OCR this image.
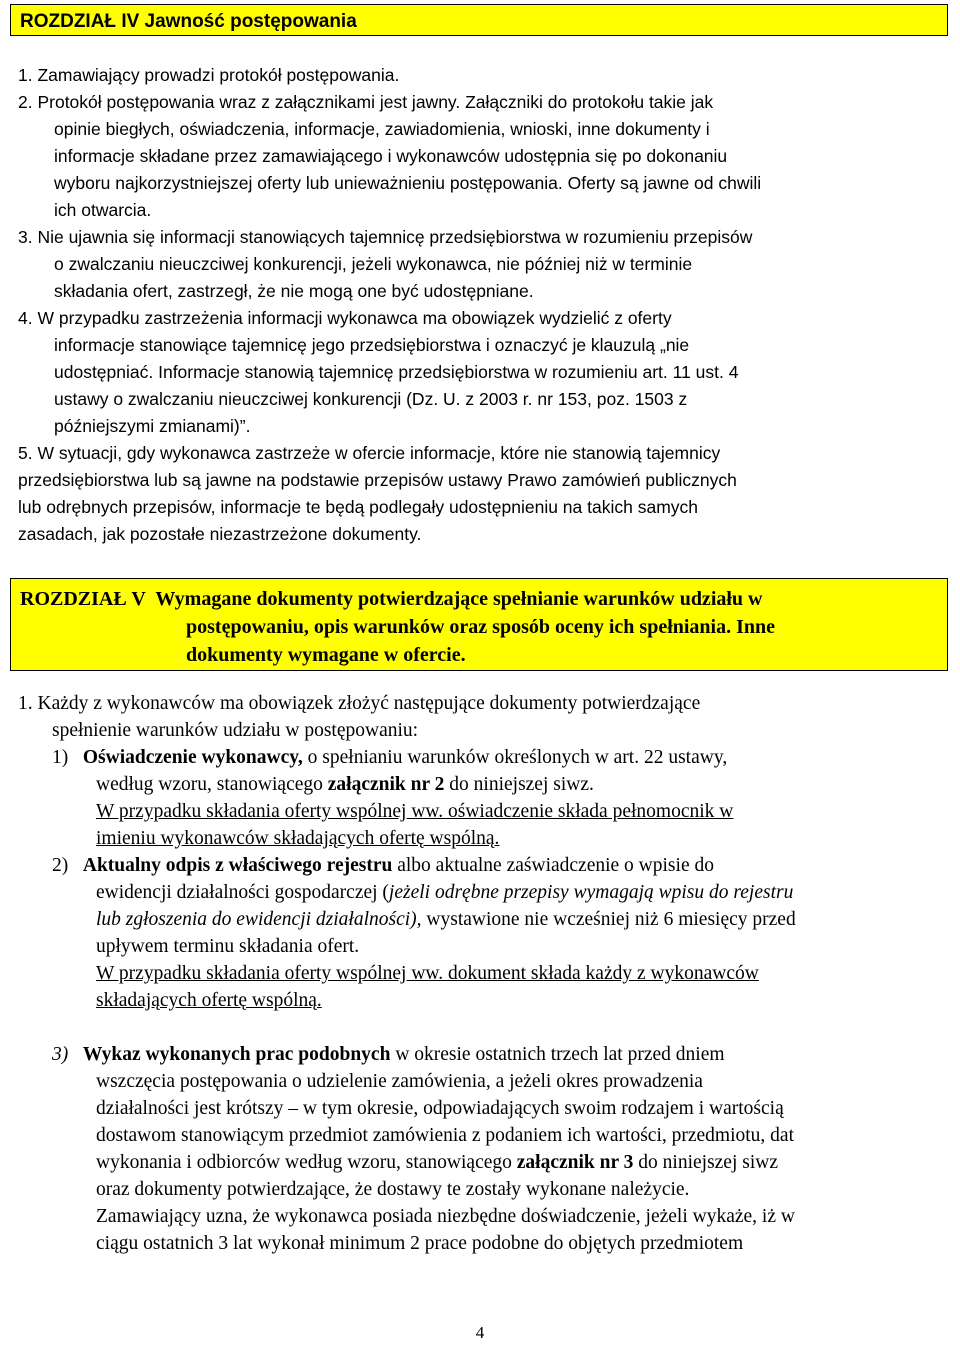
ROZDZIAŁ IV Jawność postępowania
1. Zamawiający prowadzi protokół postępowania.
2. Protokół postępowania wraz z załącznikami jest jawny. Załączniki do protokołu takie jak
opinie biegłych, oświadczenia, informacje, zawiadomienia, wnioski, inne dokumenty i
informacje składane przez zamawiającego i wykonawców udostępnia się po dokonaniu
wyboru najkorzystniejszej oferty lub unieważnieniu postępowania. Oferty są jawne od chwili
ich otwarcia.
3. Nie ujawnia się informacji stanowiących tajemnicę przedsiębiorstwa w rozumieniu przepisów
o zwalczaniu nieuczciwej konkurencji, jeżeli wykonawca, nie później niż w terminie
składania ofert, zastrzegł, że nie mogą one być udostępniane.
4. W przypadku zastrzeżenia informacji wykonawca ma obowiązek wydzielić z oferty
informacje stanowiące tajemnicę jego przedsiębiorstwa i oznaczyć je klauzulą „nie
udostępniać. Informacje stanowią tajemnicę przedsiębiorstwa w rozumieniu art. 11 ust. 4
ustawy o zwalczaniu nieuczciwej konkurencji (Dz. U. z 2003 r. nr 153, poz. 1503 z
późniejszymi zmianami)”.
5. W sytuacji, gdy wykonawca zastrzeże w ofercie informacje, które nie stanowią tajemnicy
przedsiębiorstwa lub są jawne na podstawie przepisów ustawy Prawo zamówień publicznych
lub odrębnych przepisów, informacje te będą podlegały udostępnieniu na takich samych
zasadach, jak pozostałe niezastrzeżone dokumenty.
ROZDZIAŁ V Wymagane dokumenty potwierdzające spełnianie warunków udziału w
postępowaniu, opis warunków oraz sposób oceny ich spełniania. Inne
dokumenty wymagane w ofercie.
1. Każdy z wykonawców ma obowiązek złożyć następujące dokumenty potwierdzające
spełnienie warunków udziału w postępowaniu:
1) Oświadczenie wykonawcy, o spełnianiu warunków określonych w art. 22 ustawy,
według wzoru, stanowiącego załącznik nr 2 do niniejszej siwz.
W przypadku składania oferty wspólnej ww. oświadczenie składa pełnomocnik w
imieniu wykonawców składających ofertę wspólną.
2) Aktualny odpis z właściwego rejestru albo aktualne zaświadczenie o wpisie do
ewidencji działalności gospodarczej (jeżeli odrębne przepisy wymagają wpisu do rejestru
lub zgłoszenia do ewidencji działalności), wystawione nie wcześniej niż 6 miesięcy przed
upływem terminu składania ofert.
W przypadku składania oferty wspólnej ww. dokument składa każdy z wykonawców
składających ofertę wspólną.
3) Wykaz wykonanych prac podobnych w okresie ostatnich trzech lat przed dniem
wszczęcia postępowania o udzielenie zamówienia, a jeżeli okres prowadzenia
działalności jest krótszy – w tym okresie, odpowiadających swoim rodzajem i wartością
dostawom stanowiącym przedmiot zamówienia z podaniem ich wartości, przedmiotu, dat
wykonania i odbiorców według wzoru, stanowiącego załącznik nr 3 do niniejszej siwz
oraz dokumenty potwierdzające, że dostawy te zostały wykonane należycie.
Zamawiający uzna, że wykonawca posiada niezbędne doświadczenie, jeżeli wykaże, iż w
ciągu ostatnich 3 lat wykonał minimum 2 prace podobne do objętych przedmiotem
4
